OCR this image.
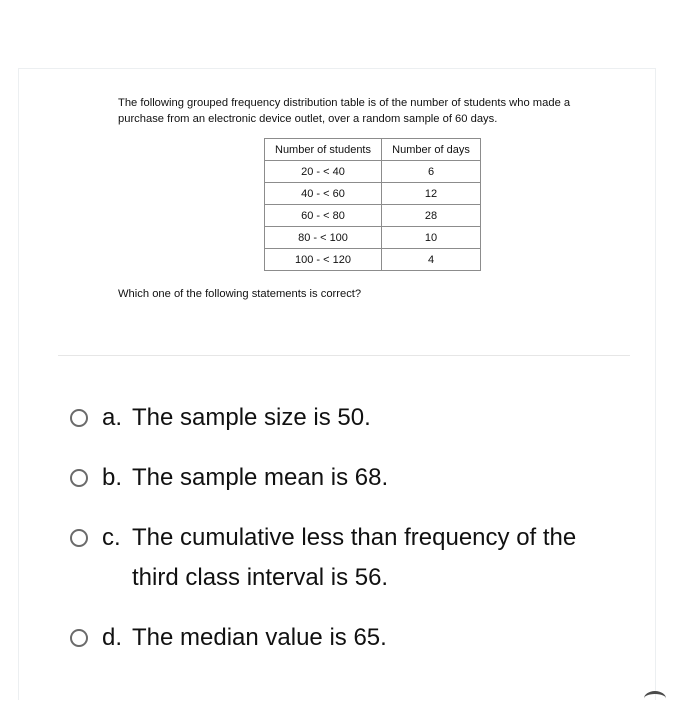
The following grouped frequency distribution table is of the number of students who made a purchase from an electronic device outlet, over a random sample of 60 days.
Number of students	Number of days
20 - < 40	6
40 - < 60	12
60 - < 80	28
80 - < 100	10
100 - < 120	4
Which one of the following statements is correct?
a. The sample size is 50.
b. The sample mean is 68.
c. The cumulative less than frequency of the third class interval is 56.
d. The median value is 65.
